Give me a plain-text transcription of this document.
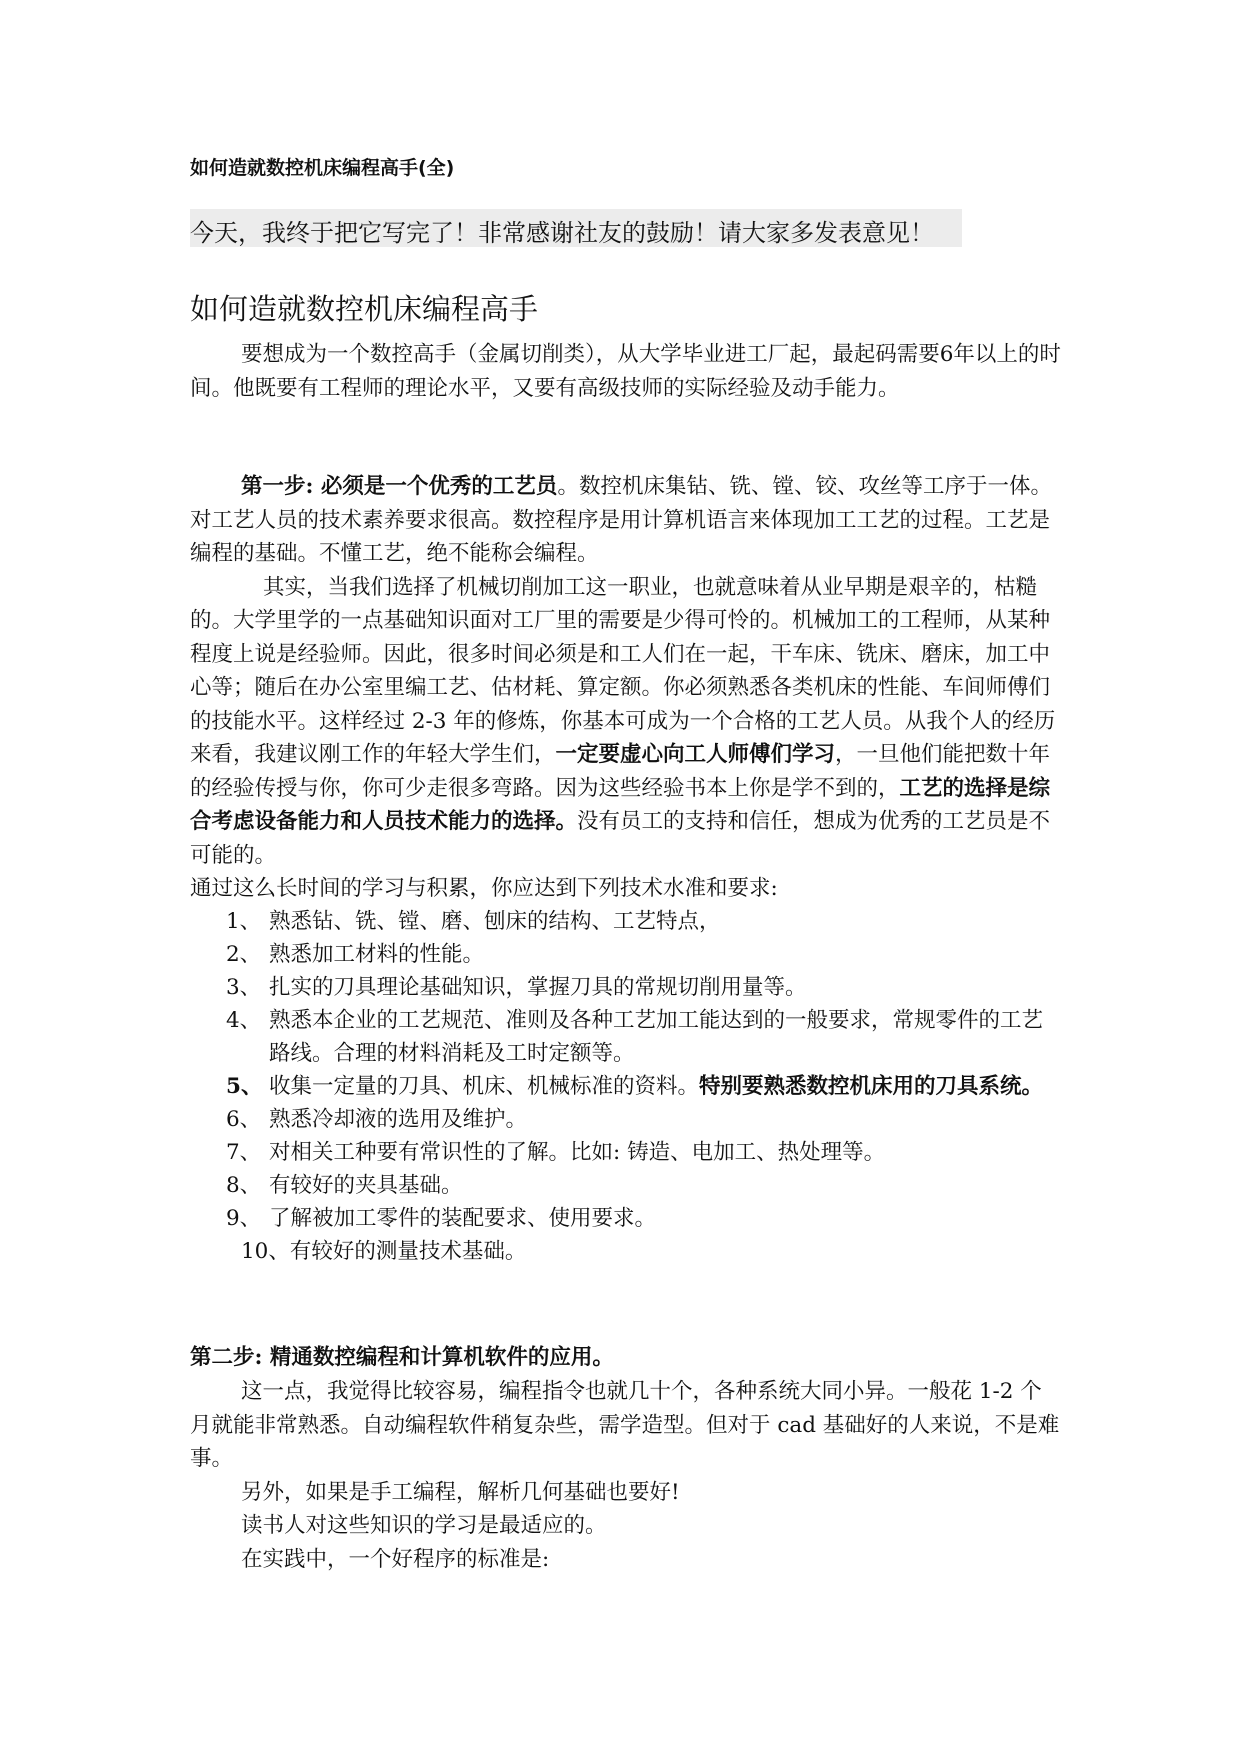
如何造就数控机床编程高手(全)
今天，我终于把它写完了！非常感谢社友的鼓励！请大家多发表意见！
如何造就数控机床编程高手

要想成为一个数控高手（金属切削类），从大学毕业进工厂起，最起码需要6年以上的时间。他既要有工程师的理论水平，又要有高级技师的实际经验及动手能力。

第一步: 必须是一个优秀的工艺员。数控机床集钻、铣、镗、铰、攻丝等工序于一体。对工艺人员的技术素养要求很高。数控程序是用计算机语言来体现加工工艺的过程。工艺是编程的基础。不懂工艺，绝不能称会编程。

其实，当我们选择了机械切削加工这一职业，也就意味着从业早期是艰辛的，枯糙的。大学里学的一点基础知识面对工厂里的需要是少得可怜的。机械加工的工程师，从某种程度上说是经验师。因此，很多时间必须是和工人们在一起，干车床、铣床、磨床，加工中心等；随后在办公室里编工艺、估材耗、算定额。你必须熟悉各类机床的性能、车间师傅们的技能水平。这样经过 2-3 年的修炼，你基本可成为一个合格的工艺人员。从我个人的经历来看，我建议刚工作的年轻大学生们，一定要虚心向工人师傅们学习，一旦他们能把数十年的经验传授与你，你可少走很多弯路。因为这些经验书本上你是学不到的，工艺的选择是综合考虑设备能力和人员技术能力的选择。没有员工的支持和信任，想成为优秀的工艺员是不可能的。

通过这么长时间的学习与积累，你应达到下列技术水准和要求:

1、 熟悉钻、铣、镗、磨、刨床的结构、工艺特点，
2、 熟悉加工材料的性能。
3、 扎实的刀具理论基础知识，掌握刀具的常规切削用量等。
4、 熟悉本企业的工艺规范、准则及各种工艺加工能达到的一般要求，常规零件的工艺路线。合理的材料消耗及工时定额等。
5、 收集一定量的刀具、机床、机械标准的资料。特别要熟悉数控机床用的刀具系统。
6、 熟悉冷却液的选用及维护。
7、 对相关工种要有常识性的了解。比如: 铸造、电加工、热处理等。
8、 有较好的夹具基础。
9、 了解被加工零件的装配要求、使用要求。
10、有较好的测量技术基础。
第二步: 精通数控编程和计算机软件的应用。

这一点，我觉得比较容易，编程指令也就几十个，各种系统大同小异。一般花 1-2 个月就能非常熟悉。自动编程软件稍复杂些，需学造型。但对于 cad 基础好的人来说，不是难事。

另外，如果是手工编程，解析几何基础也要好!

读书人对这些知识的学习是最适应的。

在实践中，一个好程序的标准是:
